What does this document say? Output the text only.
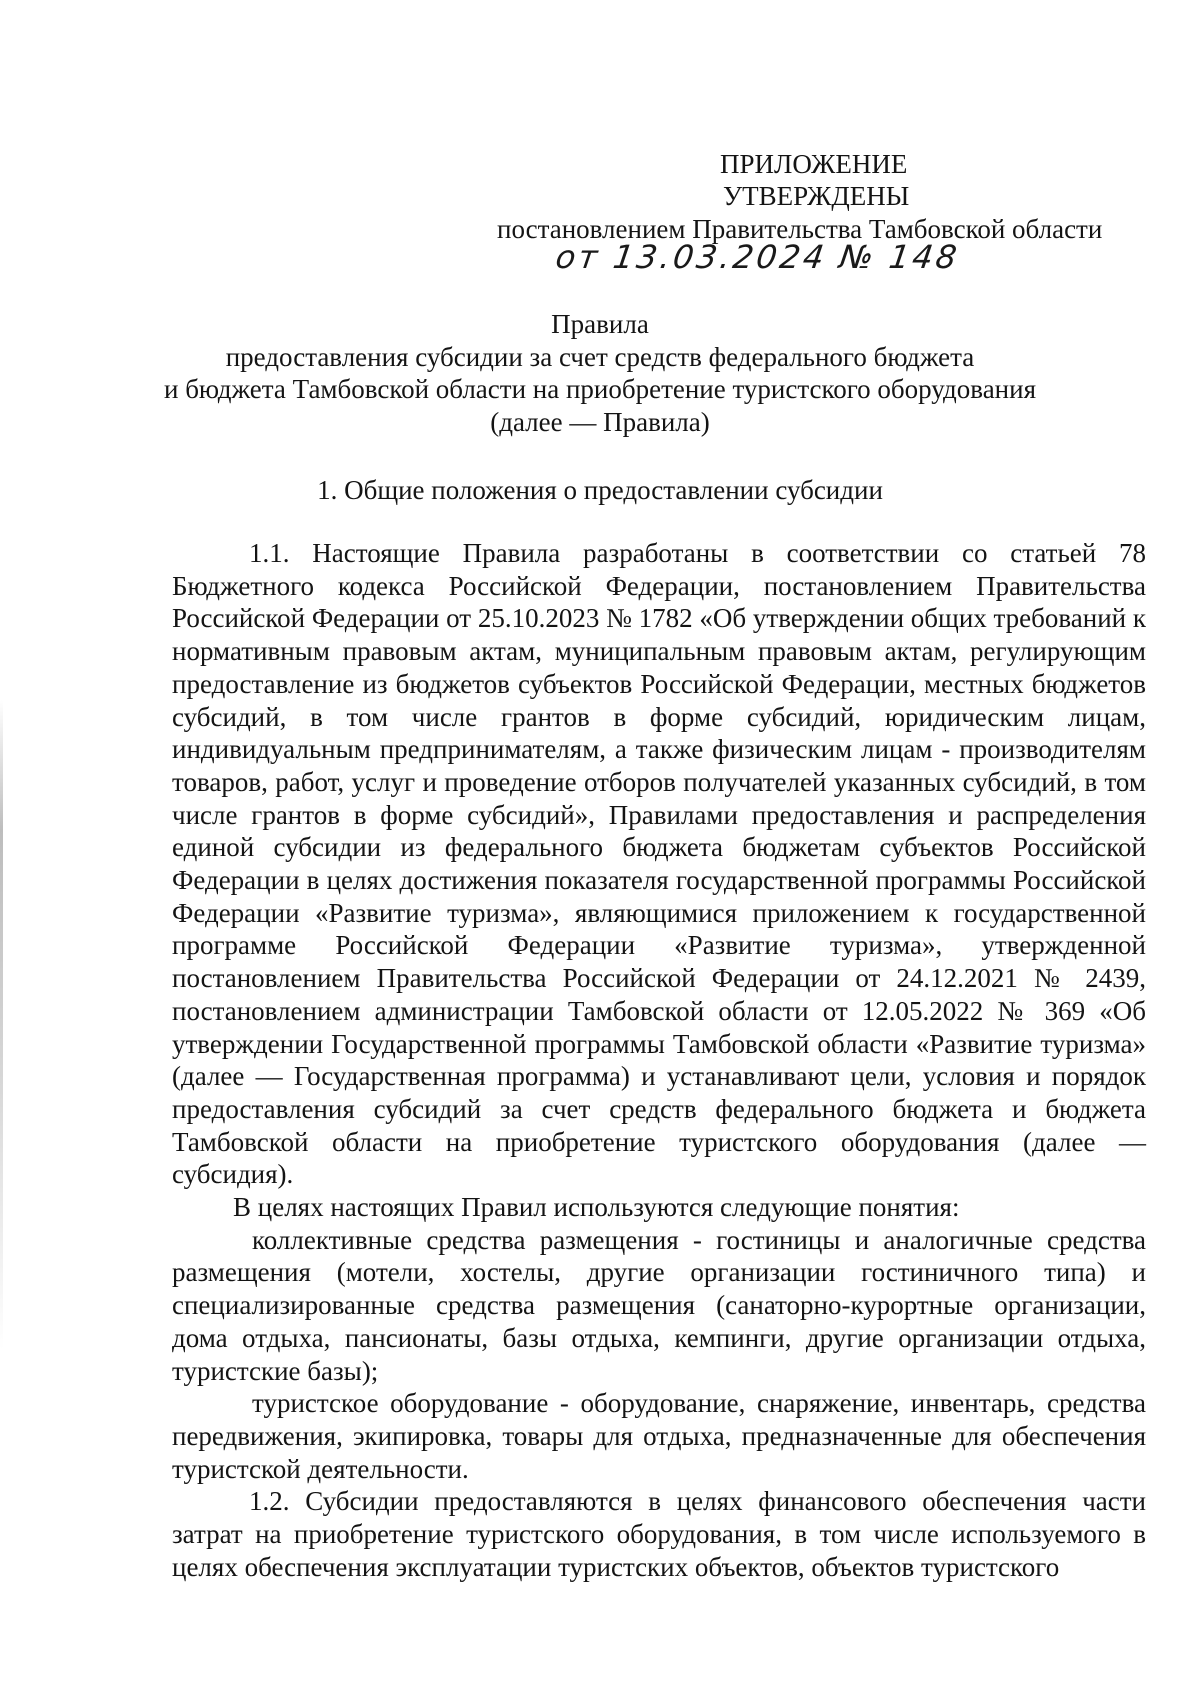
ПРИЛОЖЕНИЕ
УТВЕРЖДЕНЫ
постановлением Правительства Тамбовской области
от 13.03.2024 № 148
Правила
предоставления субсидии за счет средств федерального бюджета
и бюджета Тамбовской области на приобретение туристского оборудования
(далее — Правила)
1. Общие положения о предоставлении субсидии

1.1. Настоящие Правила разработаны в соответствии со статьей 78 Бюджетного кодекса Российской Федерации, постановлением Правительства Российской Федерации от 25.10.2023 № 1782 «Об утверждении общих требований к нормативным правовым актам, муниципальным правовым актам, регулирующим предоставление из бюджетов субъектов Российской Федерации, местных бюджетов субсидий, в том числе грантов в форме субсидий, юридическим лицам, индивидуальным предпринимателям, а также физическим лицам - производителям товаров, работ, услуг и проведение отборов получателей указанных субсидий, в том числе грантов в форме субсидий», Правилами предоставления и распределения единой субсидии из федерального бюджета бюджетам субъектов Российской Федерации в целях достижения показателя государственной программы Российской Федерации «Развитие туризма», являющимися приложением к государственной программе Российской Федерации «Развитие туризма», утвержденной постановлением Правительства Российской Федерации от 24.12.2021 № 2439, постановлением администрации Тамбовской области от 12.05.2022 № 369 «Об утверждении Государственной программы Тамбовской области «Развитие туризма» (далее — Государственная программа) и устанавливают цели, условия и порядок предоставления субсидий за счет средств федерального бюджета и бюджета Тамбовской области на приобретение туристского оборудования (далее — субсидия).

В целях настоящих Правил используются следующие понятия:

коллективные средства размещения - гостиницы и аналогичные средства размещения (мотели, хостелы, другие организации гостиничного типа) и специализированные средства размещения (санаторно-курортные организации, дома отдыха, пансионаты, базы отдыха, кемпинги, другие организации отдыха, туристские базы);

туристское оборудование - оборудование, снаряжение, инвентарь, средства передвижения, экипировка, товары для отдыха, предназначенные для обеспечения туристской деятельности.

1.2. Субсидии предоставляются в целях финансового обеспечения части затрат на приобретение туристского оборудования, в том числе используемого в целях обеспечения эксплуатации туристских объектов, объектов туристского
